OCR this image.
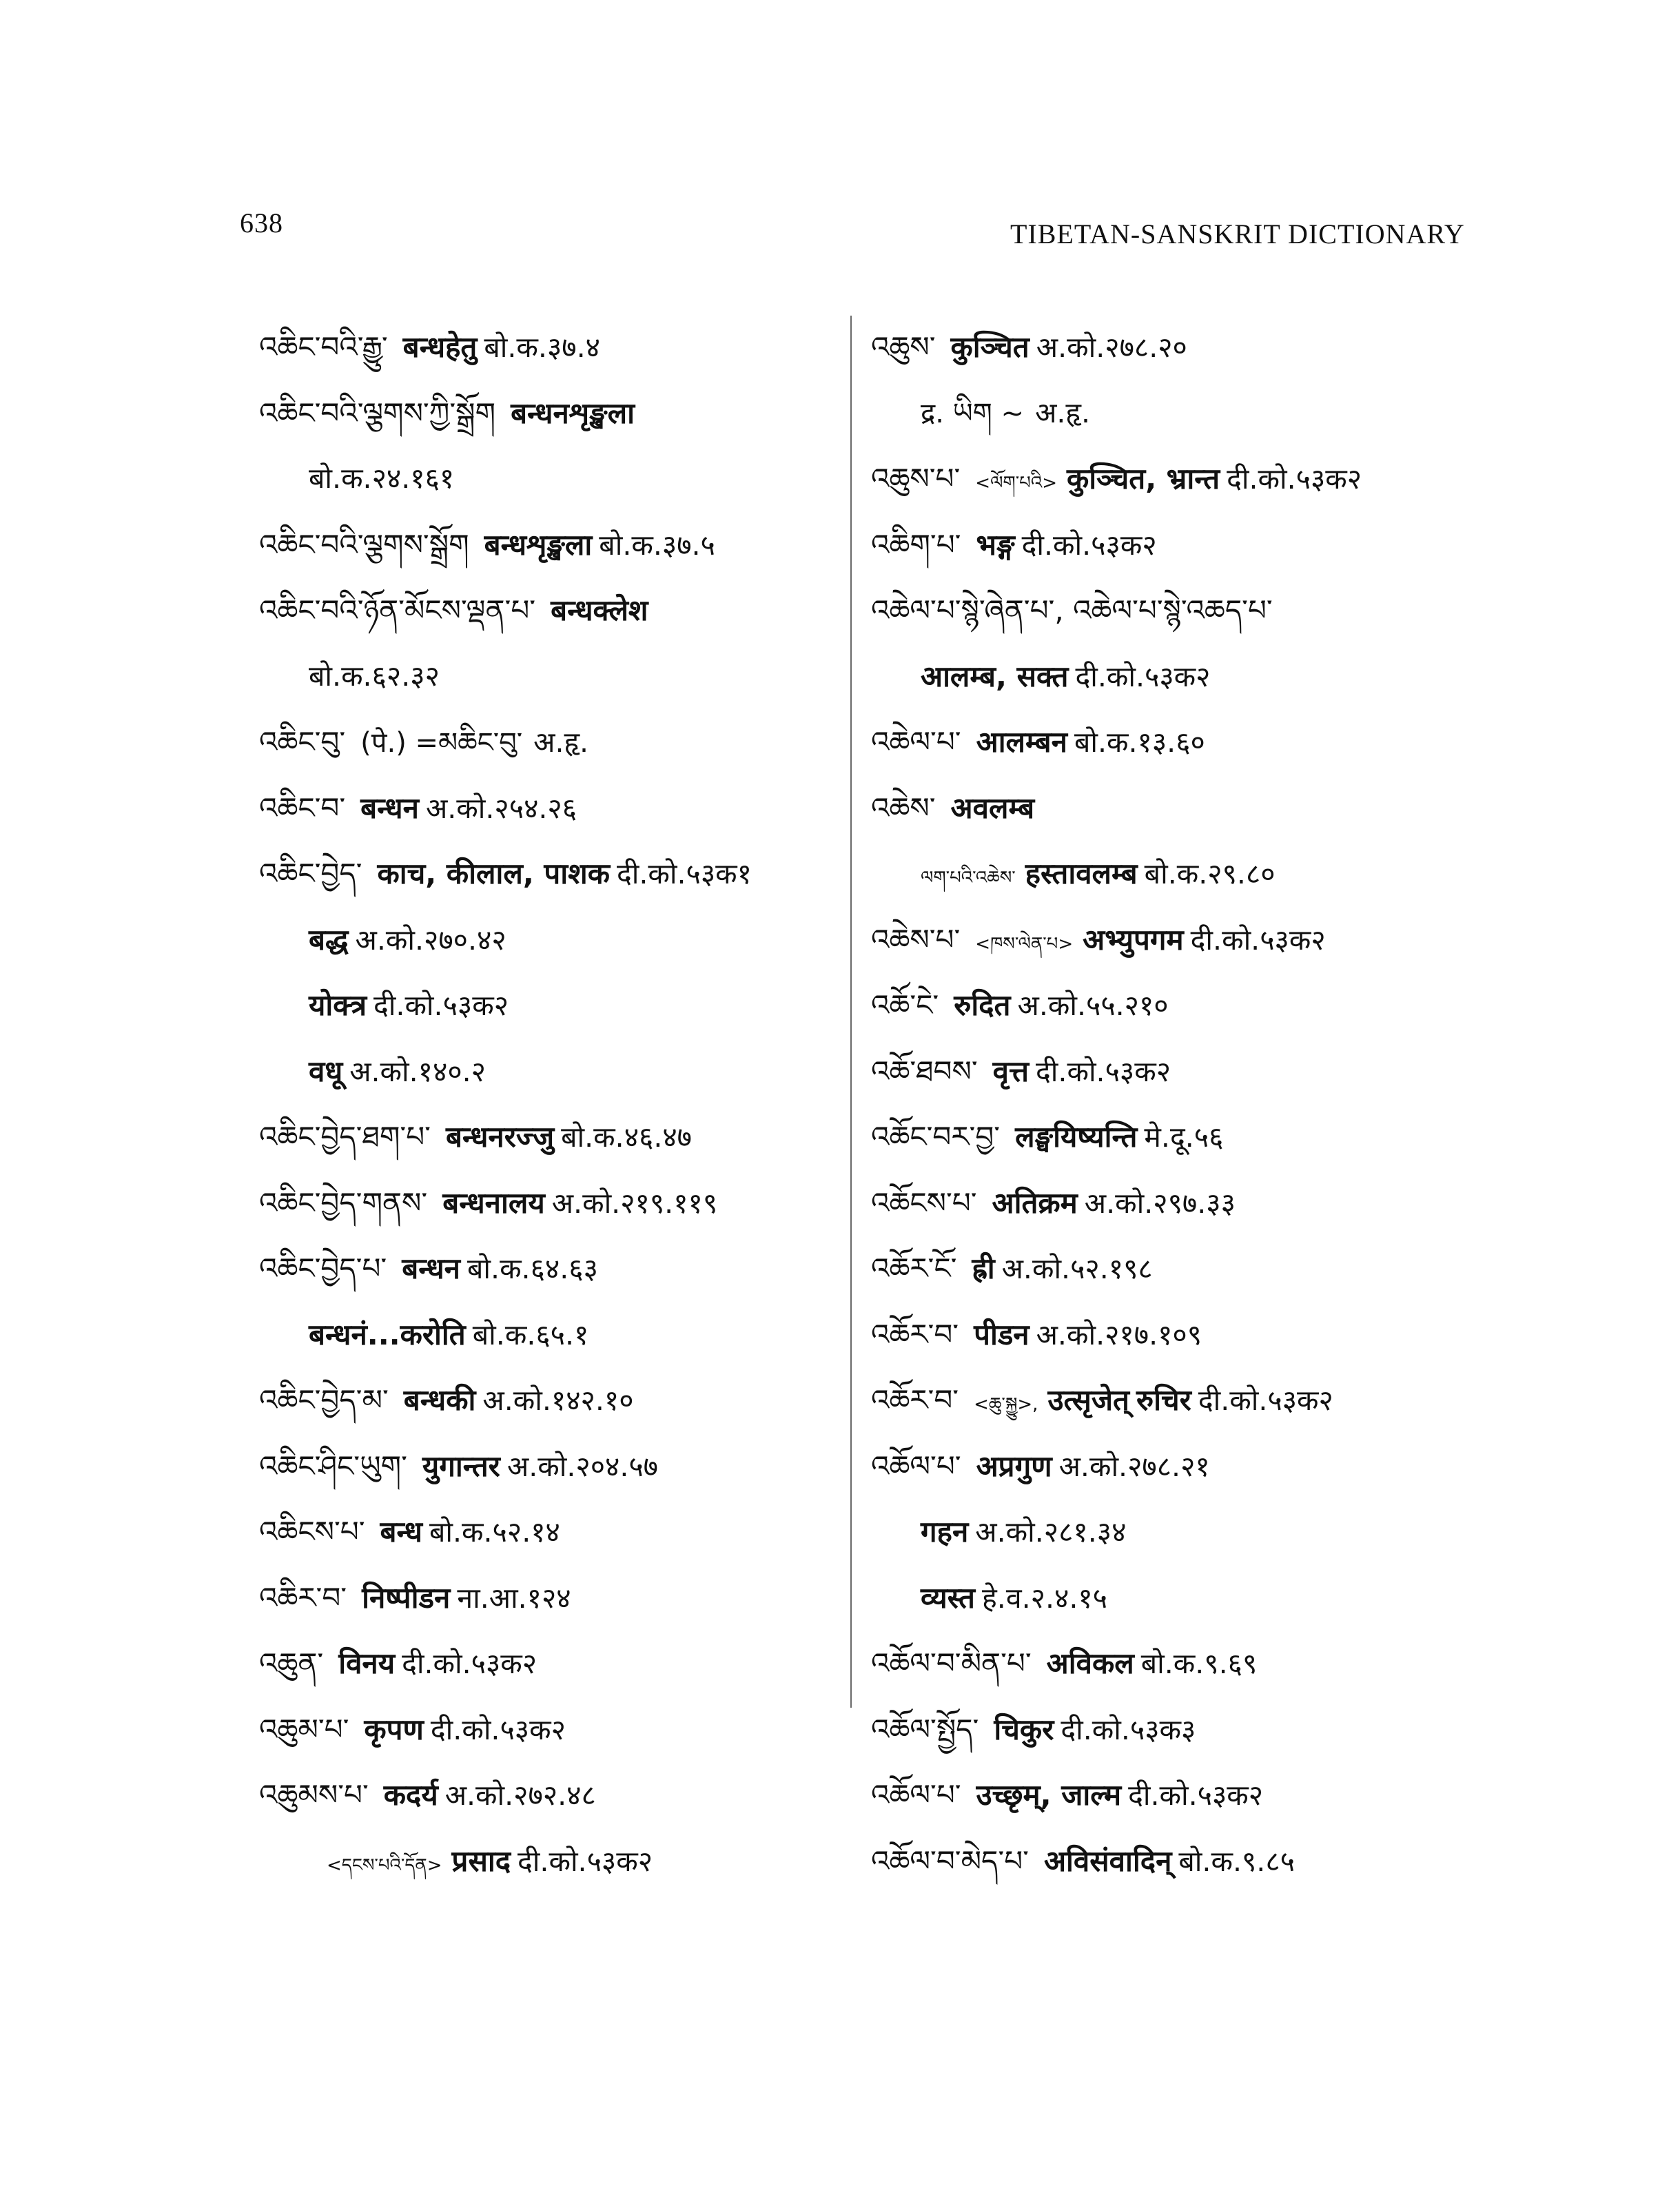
638	TIBETAN-SANSKRIT DICTIONARY
འཆིང་བའི་རྒྱུ་ बन्धहेतु बो.क.३७.४
འཆིང་བའི་ལྕགས་ཀྱི་སྒྲོག बन्धनशृङ्खला
बो.क.२४.१६१
འཆིང་བའི་ལྕགས་སྒྲོག बन्धशृङ्खला बो.क.३७.५
འཆིང་བའི་ཉོན་མོངས་ལྡན་པ་ बन्धक्लेश
बो.क.६२.३२
འཆིང་བུ་ (पे.) =མཆིང་བུ་ अ.हृ.
འཆིང་བ་ बन्धन अ.को.२५४.२६
འཆིང་བྱེད་ काच, कीलाल, पाशक दी.को.५३क१
बद्ध अ.को.२७०.४२
योक्त्र दी.को.५३क२
वधू अ.को.१४०.२
འཆིང་བྱེད་ཐག་པ་ बन्धनरज्जु बो.क.४६.४७
འཆིང་བྱེད་གནས་ बन्धनालय अ.को.२१९.११९
འཆིང་བྱེད་པ་ बन्धन बो.क.६४.६३
बन्धनं...करोति बो.क.६५.१
འཆིང་བྱེད་མ་ बन्धकी अ.को.१४२.१०
འཆིང་ཤིང་ཡུག་ युगान्तर अ.को.२०४.५७
འཆིངས་པ་ बन्ध बो.क.५२.१४
འཆིར་བ་ निष्पीडन ना.आ.१२४
འཆུན་ विनय दी.को.५३क२
འཆུམ་པ་ कृपण दी.को.५३क२
འཆུམས་པ་ कदर्य अ.को.२७२.४८
<དངས་པའི་དོན> प्रसाद दी.को.५३क२
འཆུས་ कुञ्चित अ.को.२७८.२०
द्र. ཡིག ~ अ.हृ.
འཆུས་པ་ <ལོག་པའི> कुञ्चित, भ्रान्त दी.को.५३क२
འཆིག་པ་ भङ्ग दी.को.५३क२
འཆེལ་པ་སྙེ་ཞེན་པ་, འཆེལ་པ་སྙེ་འཆད་པ་
आलम्ब, सक्त दी.को.५३क२
འཆེལ་པ་ आलम्बन बो.क.१३.६०
འཆེས་ अवलम्ब
ལག་པའི་འཆེས་ हस्तावलम्ब बो.क.२९.८०
འཆེས་པ་ <ཁས་ལེན་པ> अभ्युपगम दी.को.५३क२
འཆོ་ངེ་ रुदित अ.को.५५.२१०
འཆོ་ཐབས་ वृत्त दी.को.५३क२
འཆོང་བར་བྱ་ लङ्घयिष्यन्ति मे.दू.५६
འཆོངས་པ་ अतिक्रम अ.को.२९७.३३
འཆོར་ངོ་ ह्री अ.को.५२.१९८
འཆོར་བ་ पीडन अ.को.२१७.१०९
འཆོར་བ་ <ཆུ་སྐྱུ>, उत्सृजेत् रुचिर दी.को.५३क२
འཆོལ་པ་ अप्रगुण अ.को.२७८.२१
गहन अ.को.२८१.३४
व्यस्त हे.व.२.४.१५
འཆོལ་བ་མིན་པ་ अविकल बो.क.९.६९
འཆོལ་སྤྱོད་ चिकुर दी.को.५३क३
འཆོལ་པ་ उच्छृम्, जाल्म दी.को.५३क२
འཆོལ་བ་མེད་པ་ अविसंवादिन् बो.क.९.८५
